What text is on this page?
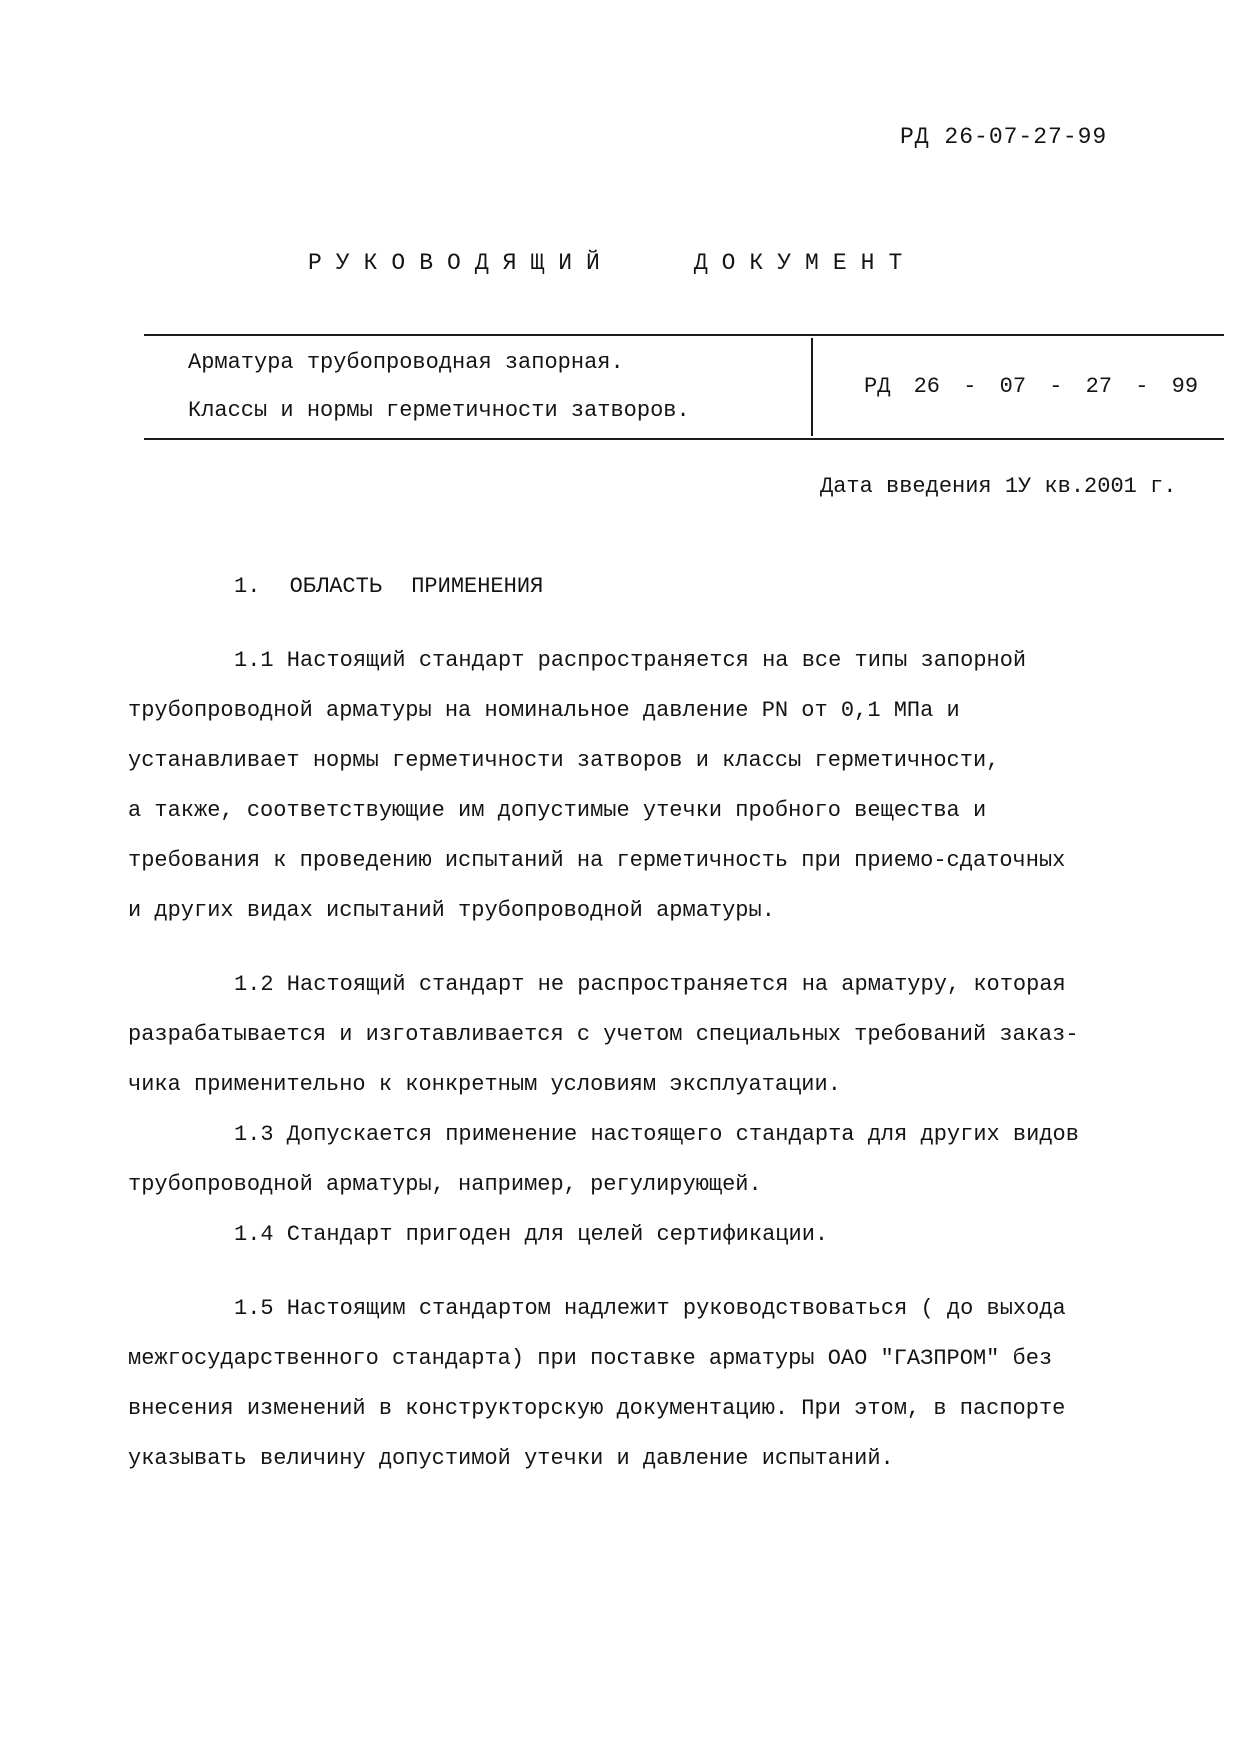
РД 26-07-27-99
РУКОВОДЯЩИЙ	ДОКУМЕНТ
Арматура трубопроводная запорная.
Классы и нормы герметичности затворов.
РД 26 - 07 - 27 - 99
Дата введения 1У кв.2001 г.
1. ОБЛАСТЬ ПРИМЕНЕНИЯ
1.1 Настоящий стандарт распространяется на все типы запорной
трубопроводной арматуры на номинальное давление PN от 0,1 МПа и
устанавливает нормы герметичности затворов и классы герметичности,
а также, соответствующие им допустимые утечки пробного вещества и
требования к проведению испытаний на герметичность при приемо-сдаточных
и других видах испытаний трубопроводной арматуры.
1.2 Настоящий стандарт не распространяется на арматуру, которая
разрабатывается и изготавливается с учетом специальных требований заказ-
чика применительно к конкретным условиям эксплуатации.
1.3 Допускается применение настоящего стандарта для других видов
трубопроводной арматуры, например, регулирующей.
1.4 Стандарт пригоден для целей сертификации.
1.5 Настоящим стандартом надлежит руководствоваться ( до выхода
межгосударственного стандарта) при поставке арматуры ОАО "ГАЗПРОМ" без
внесения изменений в конструкторскую документацию. При этом, в паспорте
указывать величину допустимой утечки и давление испытаний.
